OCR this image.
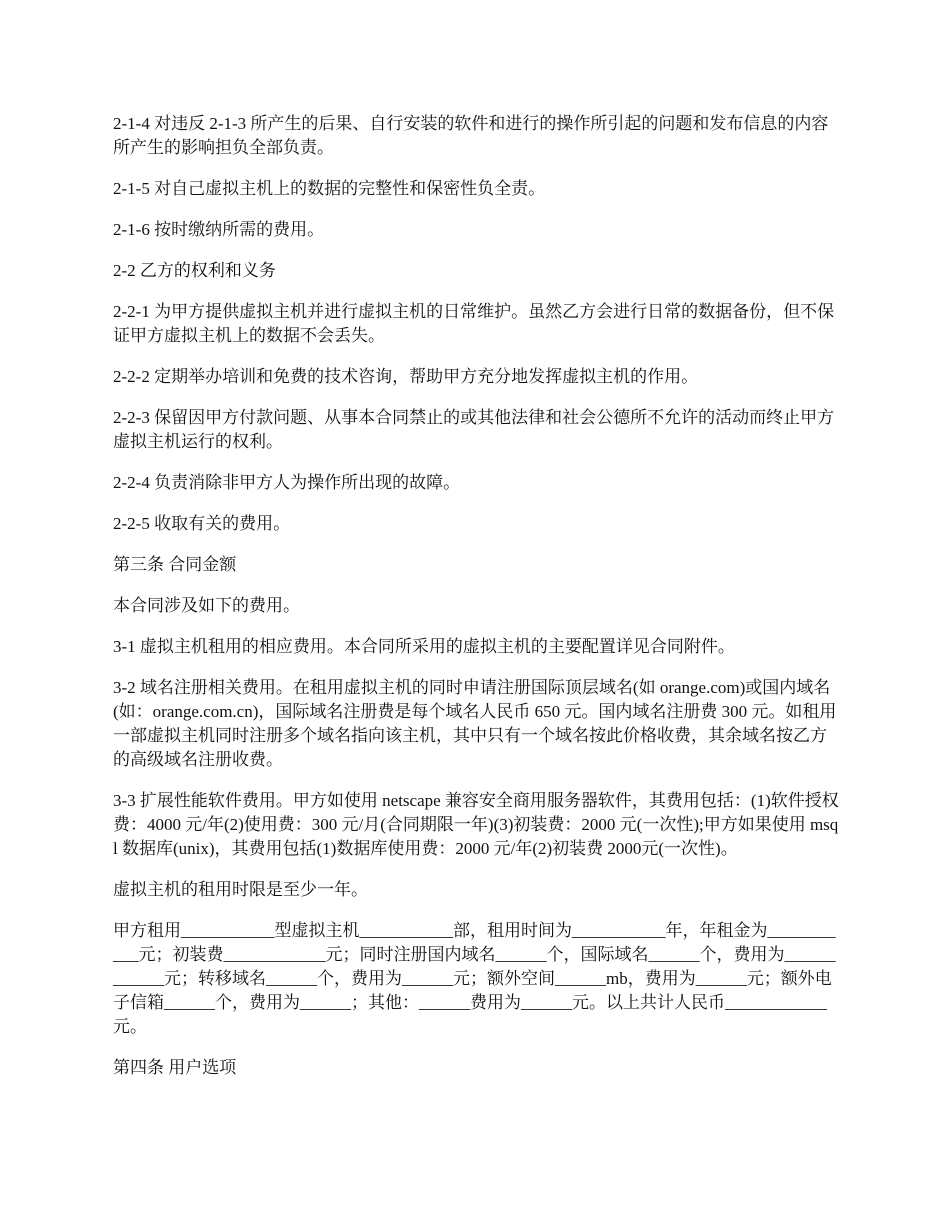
2-1-4 对违反 2-1-3 所产生的后果、自行安装的软件和进行的操作所引起的问题和发布信息的内容所产生的影响担负全部负责。

2-1-5 对自己虚拟主机上的数据的完整性和保密性负全责。

2-1-6 按时缴纳所需的费用。

2-2 乙方的权利和义务

2-2-1 为甲方提供虚拟主机并进行虚拟主机的日常维护。虽然乙方会进行日常的数据备份，但不保证甲方虚拟主机上的数据不会丢失。

2-2-2 定期举办培训和免费的技术咨询，帮助甲方充分地发挥虚拟主机的作用。

2-2-3 保留因甲方付款问题、从事本合同禁止的或其他法律和社会公德所不允许的活动而终止甲方虚拟主机运行的权利。

2-2-4 负责消除非甲方人为操作所出现的故障。

2-2-5 收取有关的费用。

第三条 合同金额

本合同涉及如下的费用。

3-1 虚拟主机租用的相应费用。本合同所采用的虚拟主机的主要配置详见合同附件。

3-2 域名注册相关费用。在租用虚拟主机的同时申请注册国际顶层域名(如 orange.com)或国内域名(如：orange.com.cn)，国际域名注册费是每个域名人民币 650 元。国内域名注册费 300 元。如租用一部虚拟主机同时注册多个域名指向该主机，其中只有一个域名按此价格收费，其余域名按乙方的高级域名注册收费。

3-3 扩展性能软件费用。甲方如使用 netscape 兼容安全商用服务器软件，其费用包括：(1)软件授权费：4000 元/年(2)使用费：300 元/月(合同期限一年)(3)初装费：2000 元(一次性);甲方如果使用 msql 数据库(unix)，其费用包括(1)数据库使用费：2000 元/年(2)初装费 2000元(一次性)。

虚拟主机的租用时限是至少一年。

甲方租用___________型虚拟主机___________部，租用时间为___________年，年租金为___________元；初装费____________元；同时注册国内域名______个，国际域名______个，费用为____________元；转移域名______个，费用为______元；额外空间______mb，费用为______元；额外电子信箱______个，费用为______；其他：______费用为______元。以上共计人民币____________元。

第四条 用户选项
